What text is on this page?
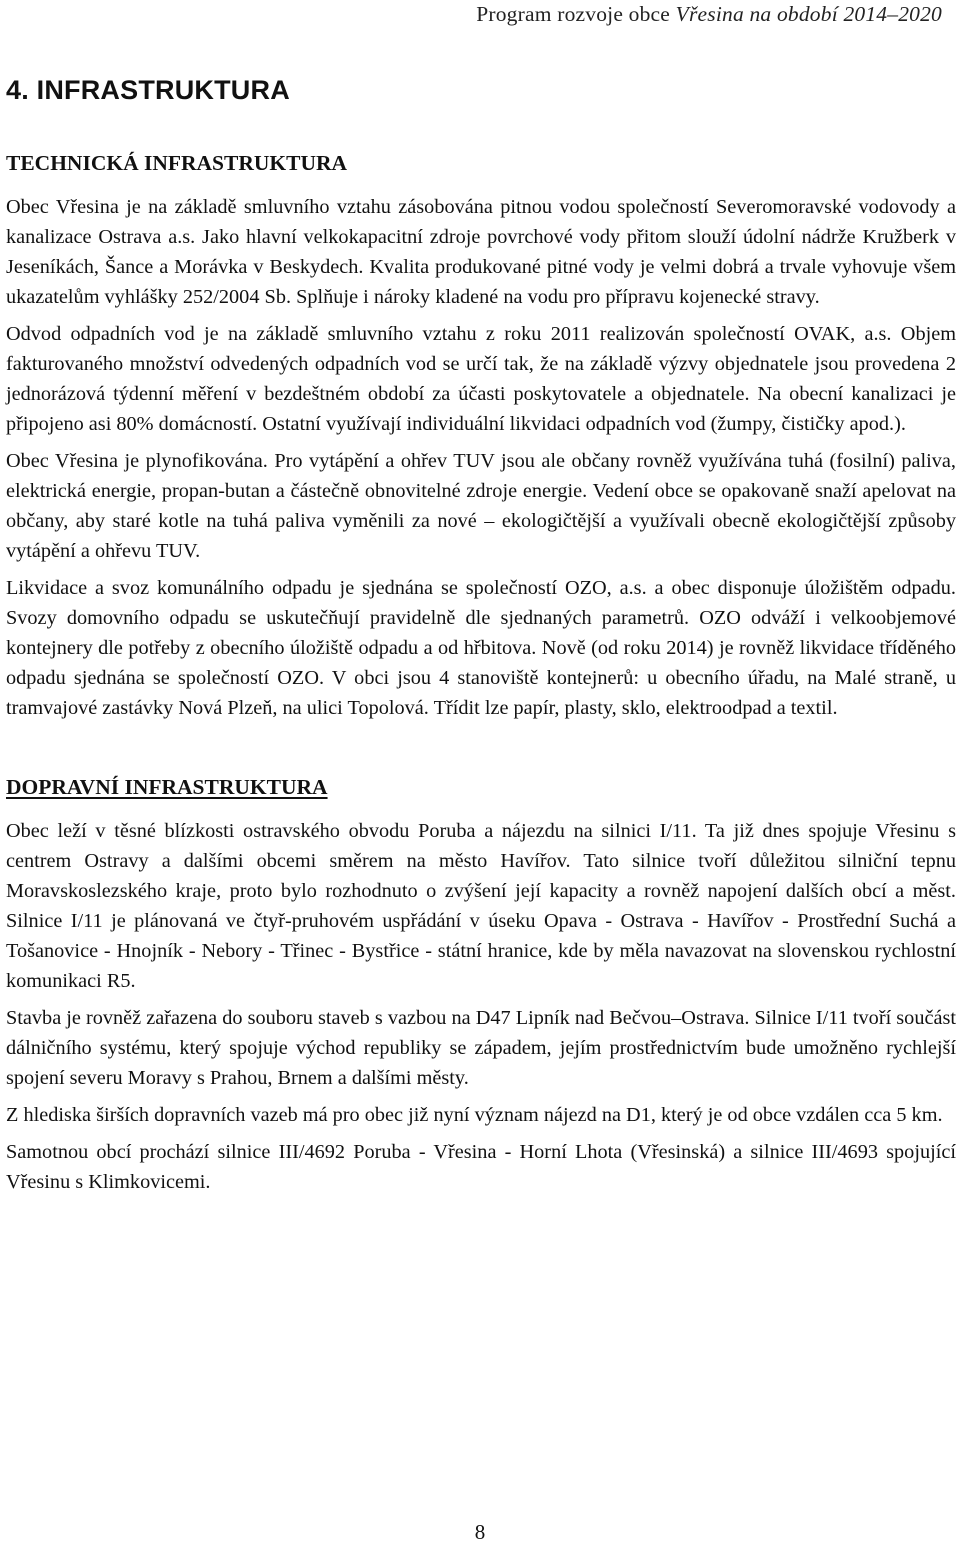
Program rozvoje obce Vřesina na období 2014–2020
4. INFRASTRUKTURA
TECHNICKÁ INFRASTRUKTURA

Obec Vřesina je na základě smluvního vztahu zásobována pitnou vodou společností Severomoravské vodovody a kanalizace Ostrava a.s. Jako hlavní velkokapacitní zdroje povrchové vody přitom slouží údolní nádrže Kružberk v Jeseníkách, Šance a Morávka v Beskydech. Kvalita produkované pitné vody je velmi dobrá a trvale vyhovuje všem ukazatelům vyhlášky 252/2004 Sb. Splňuje i nároky kladené na vodu pro přípravu kojenecké stravy.

Odvod odpadních vod je na základě smluvního vztahu z roku 2011 realizován společností OVAK, a.s. Objem fakturovaného množství odvedených odpadních vod se určí tak, že na základě výzvy objednatele jsou provedena 2 jednorázová týdenní měření v bezdeštném období za účasti poskytovatele a objednatele. Na obecní kanalizaci je připojeno asi 80% domácností. Ostatní využívají individuální likvidaci odpadních vod (žumpy, čističky apod.).

Obec Vřesina je plynofikována. Pro vytápění a ohřev TUV jsou ale občany rovněž využívána tuhá (fosilní) paliva, elektrická energie, propan-butan a částečně obnovitelné zdroje energie. Vedení obce se opakovaně snaží apelovat na občany, aby staré kotle na tuhá paliva vyměnili za nové – ekologičtější a využívali obecně ekologičtější způsoby vytápění a ohřevu TUV.

Likvidace a svoz komunálního odpadu je sjednána se společností OZO, a.s. a obec disponuje úložištěm odpadu. Svozy domovního odpadu se uskutečňují pravidelně dle sjednaných parametrů. OZO odváží i velkoobjemové kontejnery dle potřeby z obecního úložiště odpadu a od hřbitova. Nově (od roku 2014) je rovněž likvidace tříděného odpadu sjednána se společností OZO. V obci jsou 4 stanoviště kontejnerů: u obecního úřadu, na Malé straně, u tramvajové zastávky Nová Plzeň, na ulici Topolová. Třídit lze papír, plasty, sklo, elektroodpad a textil.

DOPRAVNÍ INFRASTRUKTURA

Obec leží v těsné blízkosti ostravského obvodu Poruba a nájezdu na silnici I/11. Ta již dnes spojuje Vřesinu s centrem Ostravy a dalšími obcemi směrem na město Havířov. Tato silnice tvoří důležitou silniční tepnu Moravskoslezského kraje, proto bylo rozhodnuto o zvýšení její kapacity a rovněž napojení dalších obcí a měst. Silnice I/11 je plánovaná ve čtyř-pruhovém uspřádání v úseku Opava - Ostrava - Havířov - Prostřední Suchá a Tošanovice - Hnojník - Nebory - Třinec - Bystřice - státní hranice, kde by měla navazovat na slovenskou rychlostní komunikaci R5.

Stavba je rovněž zařazena do souboru staveb s vazbou na D47 Lipník nad Bečvou–Ostrava. Silnice I/11 tvoří součást dálničního systému, který spojuje východ republiky se západem, jejím prostřednictvím bude umožněno rychlejší spojení severu Moravy s Prahou, Brnem a dalšími městy.

Z hlediska širších dopravních vazeb má pro obec již nyní význam nájezd na D1, který je od obce vzdálen cca 5 km.

Samotnou obcí prochází silnice III/4692 Poruba - Vřesina - Horní Lhota (Vřesinská) a silnice III/4693 spojující Vřesinu s Klimkovicemi.

8
